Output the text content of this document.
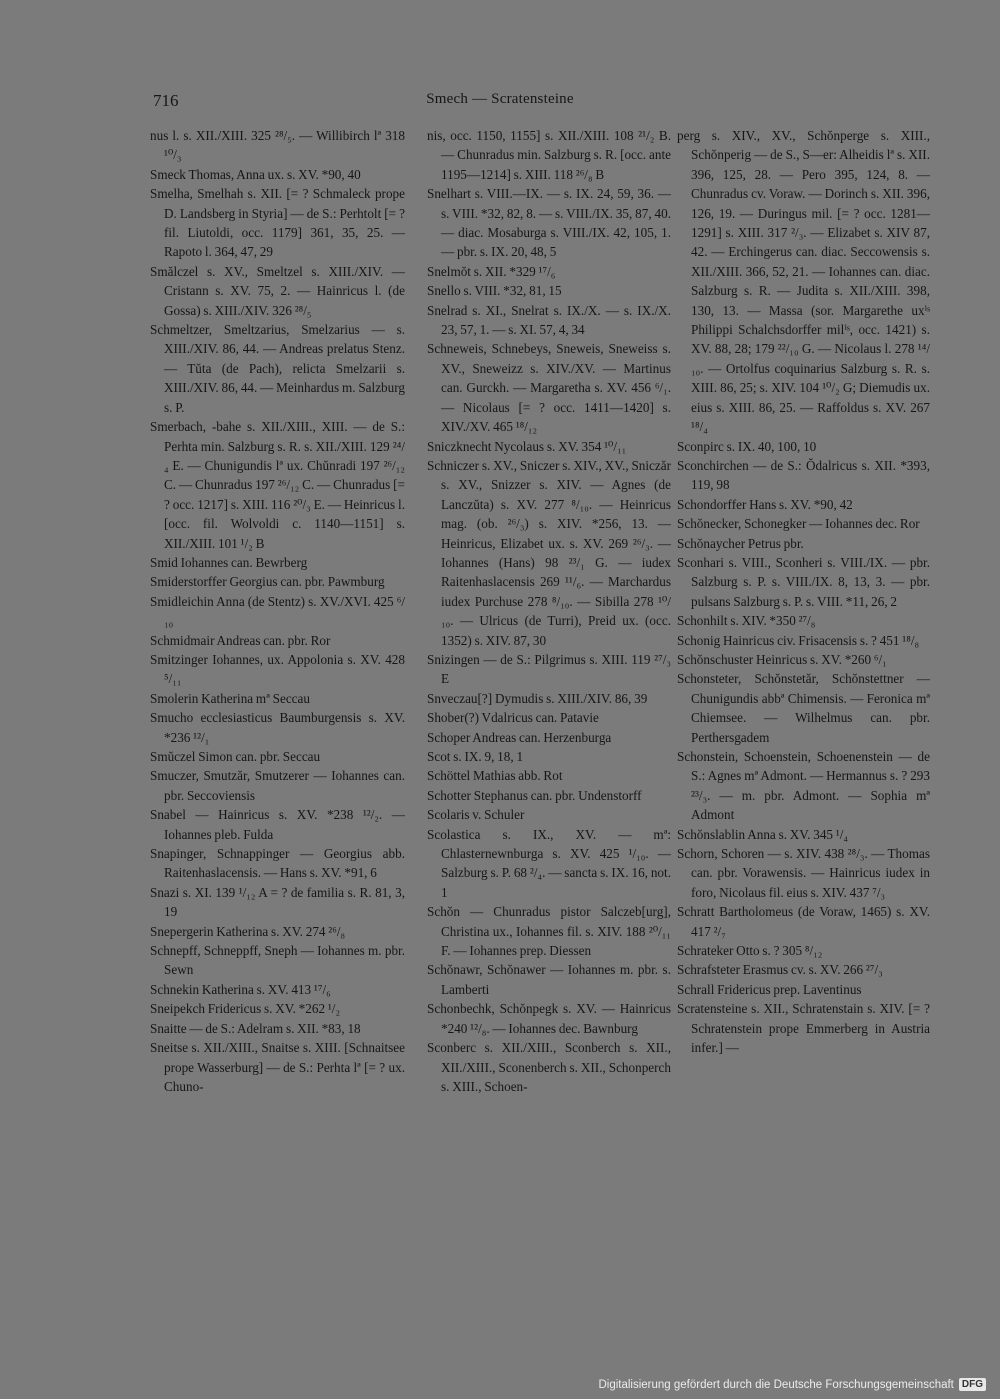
716	Smech — Scratensteine

nus l. s. XII./XIII. 325 ²⁸/₅. — Willibirch lª 318 ¹⁰/₃

Smeck Thomas, Anna ux. s. XV. *90, 40

Smelha, Smelhah s. XII. [= ? Schmaleck prope D. Landsberg in Styria] — de S.: Perhtolt [= ? fil. Liutoldi, occ. 1179] 361, 35, 25. — Rapoto l. 364, 47, 29

Smălczel s. XV., Smeltzel s. XIII./XIV. — Cristann s. XV. 75, 2. — Hainricus l. (de Gossa) s. XIII./XIV. 326 ²⁸/₅

Schmeltzer, Smeltzarius, Smelzarius — s. XIII./XIV. 86, 44. — Andreas prelatus Stenz. — Tŭta (de Pach), relicta Smelzarii s. XIII./XIV. 86, 44. — Meinhardus m. Salzburg s. P.

Smerbach, -bahe s. XII./XIII., XIII. — de S.: Perhta min. Salzburg s. R. s. XII./XIII. 129 ²⁴/₄ E. — Chunigundis lª ux. Chŭnradi 197 ²⁶/₁₂ C. — Chunradus 197 ²⁶/₁₂ C. — Chunradus [= ? occ. 1217] s. XIII. 116 ²⁰/₃ E. — Heinricus l. [occ. fil. Wolvoldi c. 1140—1151] s. XII./XIII. 101 ¹/₂ B

Smid Iohannes can. Bewrberg

Smiderstorffer Georgius can. pbr. Pawmburg

Smidleichin Anna (de Stentz) s. XV./XVI. 425 ⁶/₁₀

Schmidmair Andreas can. pbr. Ror

Smitzinger Iohannes, ux. Appolonia s. XV. 428 ⁵/₁₁

Smolerin Katherina mª Seccau

Smucho ecclesiasticus Baumburgensis s. XV. *236 ¹²/₁

Smŭczel Simon can. pbr. Seccau

Smuczer, Smutzăr, Smutzerer — Iohannes can. pbr. Seccoviensis

Snabel — Hainricus s. XV. *238 ¹²/₂. — Iohannes pleb. Fulda

Snapinger, Schnappinger — Georgius abb. Raitenhaslacensis. — Hans s. XV. *91, 6

Snazi s. XI. 139 ¹/₁₂ A = ? de familia s. R. 81, 3, 19

Snepergerin Katherina s. XV. 274 ²⁶/₈

Schnepff, Schneppff, Sneph — Iohannes m. pbr. Sewn

Schnekin Katherina s. XV. 413 ¹⁷/₆

Sneipekch Fridericus s. XV. *262 ¹/₂

Snaitte — de S.: Adelram s. XII. *83, 18

Sneitse s. XII./XIII., Snaitse s. XIII. [Schnaitsee prope Wasserburg] — de S.: Perhta lª [= ? ux. Chuno-

nis, occ. 1150, 1155] s. XII./XIII. 108 ²¹/₂ B. — Chunradus min. Salzburg s. R. [occ. ante 1195—1214] s. XIII. 118 ²⁶/₈ B

Snelhart s. VIII.—IX. — s. IX. 24, 59, 36. — s. VIII. *32, 82, 8. — s. VIII./IX. 35, 87, 40. — diac. Mosaburga s. VIII./IX. 42, 105, 1. — pbr. s. IX. 20, 48, 5

Snelmŏt s. XII. *329 ¹⁷/₆

Snello s. VIII. *32, 81, 15

Snelrad s. XI., Snelrat s. IX./X. — s. IX./X. 23, 57, 1. — s. XI. 57, 4, 34

Schneweis, Schnebeys, Sneweis, Sneweiss s. XV., Sneweizz s. XIV./XV. — Martinus can. Gurckh. — Margaretha s. XV. 456 ⁶/₁. — Nicolaus [= ? occ. 1411—1420] s. XIV./XV. 465 ¹⁸/₁₂

Sniczknecht Nycolaus s. XV. 354 ¹⁰/₁₁

Schniczer s. XV., Sniczer s. XIV., XV., Sniczăr s. XV., Snizzer s. XIV. — Agnes (de Lanczŭta) s. XV. 277 ⁸/₁₀. — Heinricus mag. (ob. ²⁶/₃) s. XIV. *256, 13. — Heinricus, Elizabet ux. s. XV. 269 ²⁶/₃. — Iohannes (Hans) 98 ²³/₁ G. — iudex Raitenhaslacensis 269 ¹¹/₆. — Marchardus iudex Purchuse 278 ⁸/₁₀. — Sibilla 278 ¹⁰/₁₀. — Ulricus (de Turri), Preid ux. (occ. 1352) s. XIV. 87, 30

Snizingen — de S.: Pilgrimus s. XIII. 119 ²⁷/₃ E

Snveczau[?] Dymudis s. XIII./XIV. 86, 39

Shober(?) Vdalricus can. Patavie

Schoper Andreas can. Herzenburga

Scot s. IX. 9, 18, 1

Schöttel Mathias abb. Rot

Schotter Stephanus can. pbr. Undenstorff

Scolaris v. Schuler

Scolastica s. IX., XV. — mª: Chlasternewnburga s. XV. 425 ¹/₁₀. — Salzburg s. P. 68 ²/₄. — sancta s. IX. 16, not. 1

Schŏn — Chunradus pistor Salczeb[urg], Christina ux., Iohannes fil. s. XIV. 188 ²⁰/₁₁ F. — Iohannes prep. Diessen

Schŏnawr, Schŏnawer — Iohannes m. pbr. s. Lamberti

Schonbechk, Schŏnpegk s. XV. — Hainricus *240 ¹²/₈. — Iohannes dec. Bawnburg

Sconberc s. XII./XIII., Sconberch s. XII., XII./XIII., Sconenberch s. XII., Schonperch s. XIII., Schoen-

perg s. XIV., XV., Schŏnperge s. XIII., Schŏnperig — de S., S—er: Alheidis lª s. XII. 396, 125, 28. — Pero 395, 124, 8. — Chunradus cv. Voraw. — Dorinch s. XII. 396, 126, 19. — Duringus mil. [= ? occ. 1281—1291] s. XIII. 317 ²/₃. — Elizabet s. XIV 87, 42. — Erchingerus can. diac. Seccowensis s. XII./XIII. 366, 52, 21. — Iohannes can. diac. Salzburg s. R. — Judita s. XII./XIII. 398, 130, 13. — Massa (sor. Margarethe uxⁱˢ Philippi Schalchsdorffer milⁱˢ, occ. 1421) s. XV. 88, 28; 179 ²²/₁₀ G. — Nicolaus l. 278 ¹⁴/₁₀. — Ortolfus coquinarius Salzburg s. R. s. XIII. 86, 25; s. XIV. 104 ¹⁰/₂ G; Diemudis ux. eius s. XIII. 86, 25. — Raffoldus s. XV. 267 ¹⁸/₄

Sconpirc s. IX. 40, 100, 10

Sconchirchen — de S.: Ŏdalricus s. XII. *393, 119, 98

Schondorffer Hans s. XV. *90, 42

Schŏnecker, Schonegker — Iohannes dec. Ror

Schŏnaycher Petrus pbr.

Sconhari s. VIII., Sconheri s. VIII./IX. — pbr. Salzburg s. P. s. VIII./IX. 8, 13, 3. — pbr. pulsans Salzburg s. P. s. VIII. *11, 26, 2

Schonhilt s. XIV. *350 ²⁷/₈

Schonig Hainricus civ. Frisacensis s. ? 451 ¹⁸/₈

Schŏnschuster Heinricus s. XV. *260 ⁶/₁

Schonsteter, Schŏnstetăr, Schŏnstettner — Chunigundis abbª Chimensis. — Feronica mª Chiemsee. — Wilhelmus can. pbr. Perthersgadem

Schonstein, Schoenstein, Schoenenstein — de S.: Agnes mª Admont. — Hermannus s. ? 293 ²³/₃. — m. pbr. Admont. — Sophia mª Admont

Schŏnslablin Anna s. XV. 345 ¹/₄

Schorn, Schoren — s. XIV. 438 ²⁸/₃. — Thomas can. pbr. Vorawensis. — Hainricus iudex in foro, Nicolaus fil. eius s. XIV. 437 ⁷/₃

Schratt Bartholomeus (de Voraw, 1465) s. XV. 417 ²/₇

Schrateker Otto s. ? 305 ⁸/₁₂

Schrafsteter Erasmus cv. s. XV. 266 ²⁷/₃

Schrall Fridericus prep. Laventinus

Scratensteine s. XII., Schratenstain s. XIV. [= ? Schratenstein prope Emmerberg in Austria infer.] —

Digitalisierung gefördert durch die Deutsche Forschungsgemeinschaft DFG
